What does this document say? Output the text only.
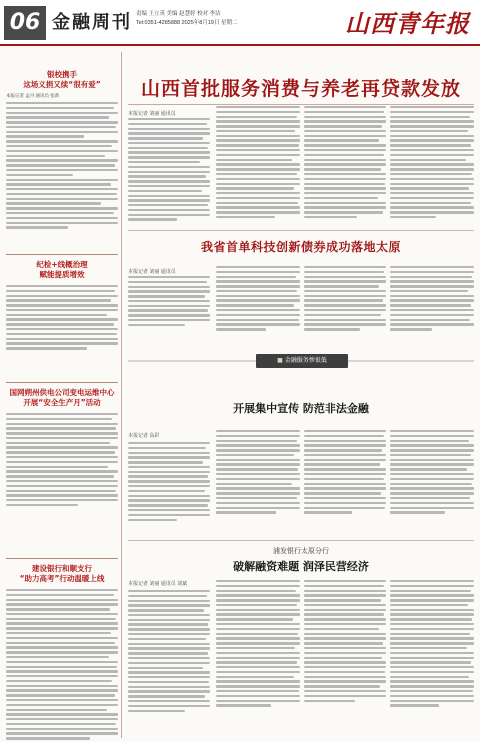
06 金融周刊 责编 王立英 美编 赵慧婷 校对 李洁
Tel:0351-4285888 2025年8月19日 星期二	山西青年报
银校携手
这场义捐又续“很有爱”
本报记者 孟丹 通讯员 张新
纪检+线概治理
赋能提质增效
国网朔州供电公司变电运维中心
开展“安全生产月”活动
建设银行和顺支行
“助力高考”行动温暖上线
山西首批服务消费与养老再贷款发放
本报记者 刘丽 通讯员
我省首单科技创新债券成功落地太原
本报记者 刘丽 通讯员
■ 金融服务惨很低
开展集中宣传 防范非法金融
本报记者 高彩
浦发银行太原分行
破解融资难题 润泽民营经济
本报记者 刘丽 通讯员 刘斌
